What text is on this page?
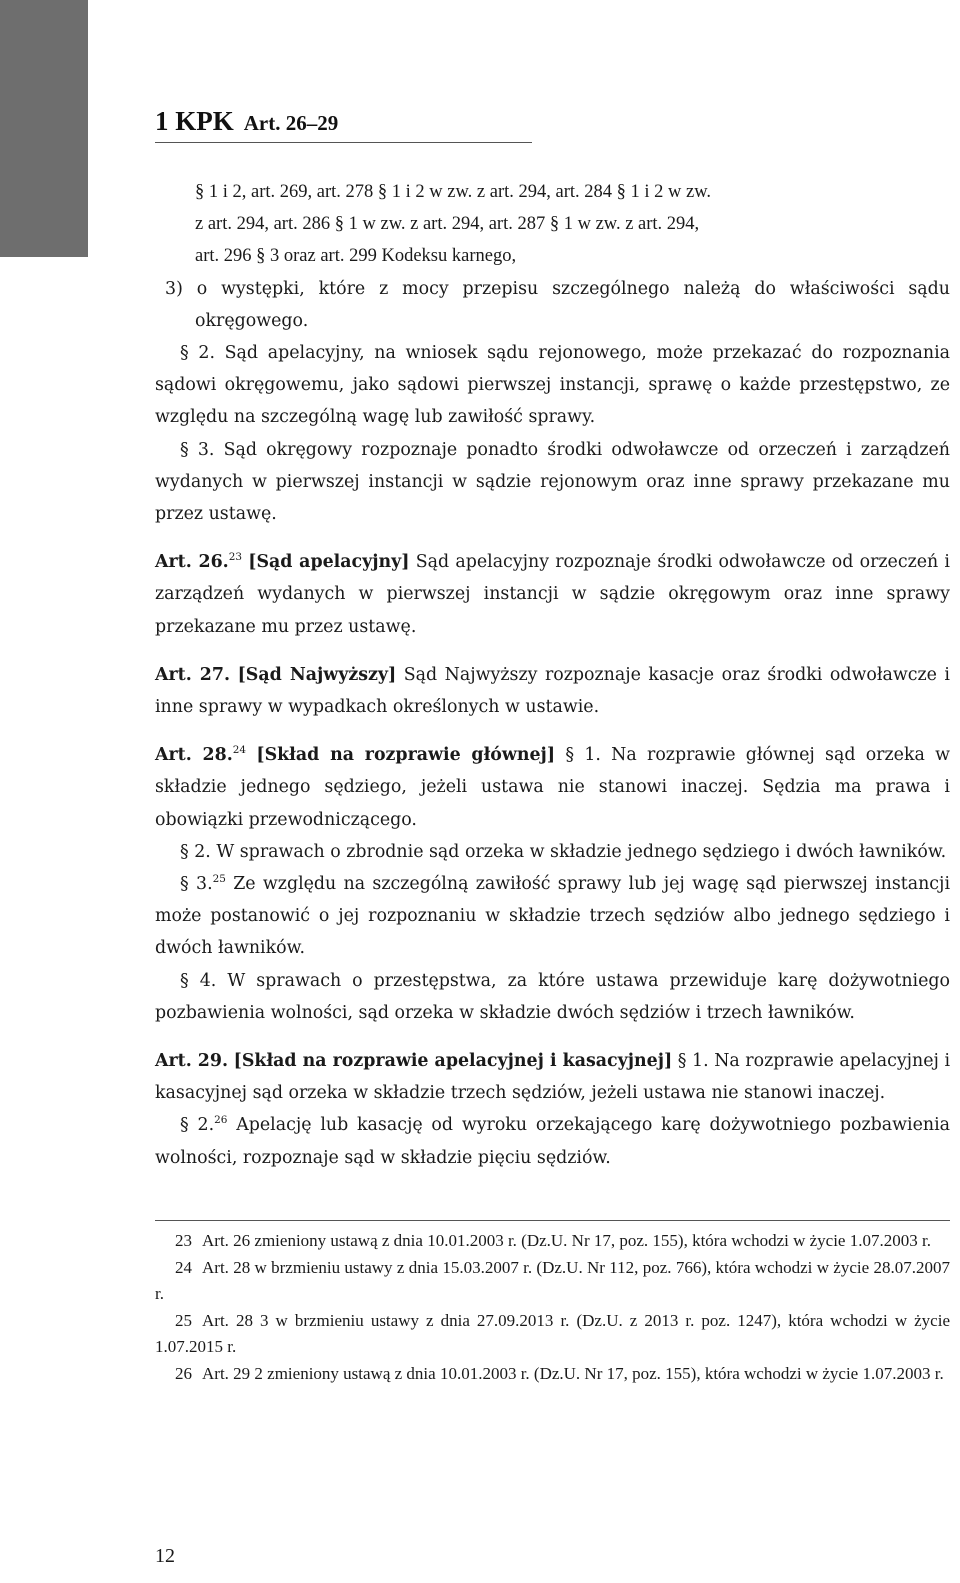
1 KPK Art. 26–29
§ 1 i 2, art. 269, art. 278 § 1 i 2 w zw. z art. 294, art. 284 § 1 i 2 w zw.
z art. 294, art. 286 § 1 w zw. z art. 294, art. 287 § 1 w zw. z art. 294,
art. 296 § 3 oraz art. 299 Kodeksu karnego,

3) o występki, które z mocy przepisu szczególnego należą do właściwości sądu okręgowego.

§ 2. Sąd apelacyjny, na wniosek sądu rejonowego, może przekazać do rozpoznania sądowi okręgowemu, jako sądowi pierwszej instancji, sprawę o każde przestępstwo, ze względu na szczególną wagę lub zawiłość sprawy.

§ 3. Sąd okręgowy rozpoznaje ponadto środki odwoławcze od orzeczeń i zarządzeń wydanych w pierwszej instancji w sądzie rejonowym oraz inne sprawy przekazane mu przez ustawę.

Art. 26.23 [Sąd apelacyjny] Sąd apelacyjny rozpoznaje środki odwoławcze od orzeczeń i zarządzeń wydanych w pierwszej instancji w sądzie okręgowym oraz inne sprawy przekazane mu przez ustawę.

Art. 27. [Sąd Najwyższy] Sąd Najwyższy rozpoznaje kasacje oraz środki odwoławcze i inne sprawy w wypadkach określonych w ustawie.

Art. 28.24 [Skład na rozprawie głównej] § 1. Na rozprawie głównej sąd orzeka w składzie jednego sędziego, jeżeli ustawa nie stanowi inaczej. Sędzia ma prawa i obowiązki przewodniczącego.

§ 2. W sprawach o zbrodnie sąd orzeka w składzie jednego sędziego i dwóch ławników.

§ 3.25 Ze względu na szczególną zawiłość sprawy lub jej wagę sąd pierwszej instancji może postanowić o jej rozpoznaniu w składzie trzech sędziów albo jednego sędziego i dwóch ławników.

§ 4. W sprawach o przestępstwa, za które ustawa przewiduje karę dożywotniego pozbawienia wolności, sąd orzeka w składzie dwóch sędziów i trzech ławników.

Art. 29. [Skład na rozprawie apelacyjnej i kasacyjnej] § 1. Na rozprawie apelacyjnej i kasacyjnej sąd orzeka w składzie trzech sędziów, jeżeli ustawa nie stanowi inaczej.

§ 2.26 Apelację lub kasację od wyroku orzekającego karę dożywotniego pozbawienia wolności, rozpoznaje sąd w składzie pięciu sędziów.

23 Art. 26 zmieniony ustawą z dnia 10.01.2003 r. (Dz.U. Nr 17, poz. 155), która wchodzi w życie 1.07.2003 r.

24 Art. 28 w brzmieniu ustawy z dnia 15.03.2007 r. (Dz.U. Nr 112, poz. 766), która wchodzi w życie 28.07.2007 r.

25 Art. 28 3 w brzmieniu ustawy z dnia 27.09.2013 r. (Dz.U. z 2013 r. poz. 1247), która wchodzi w życie 1.07.2015 r.

26 Art. 29 2 zmieniony ustawą z dnia 10.01.2003 r. (Dz.U. Nr 17, poz. 155), która wchodzi w życie 1.07.2003 r.

12
